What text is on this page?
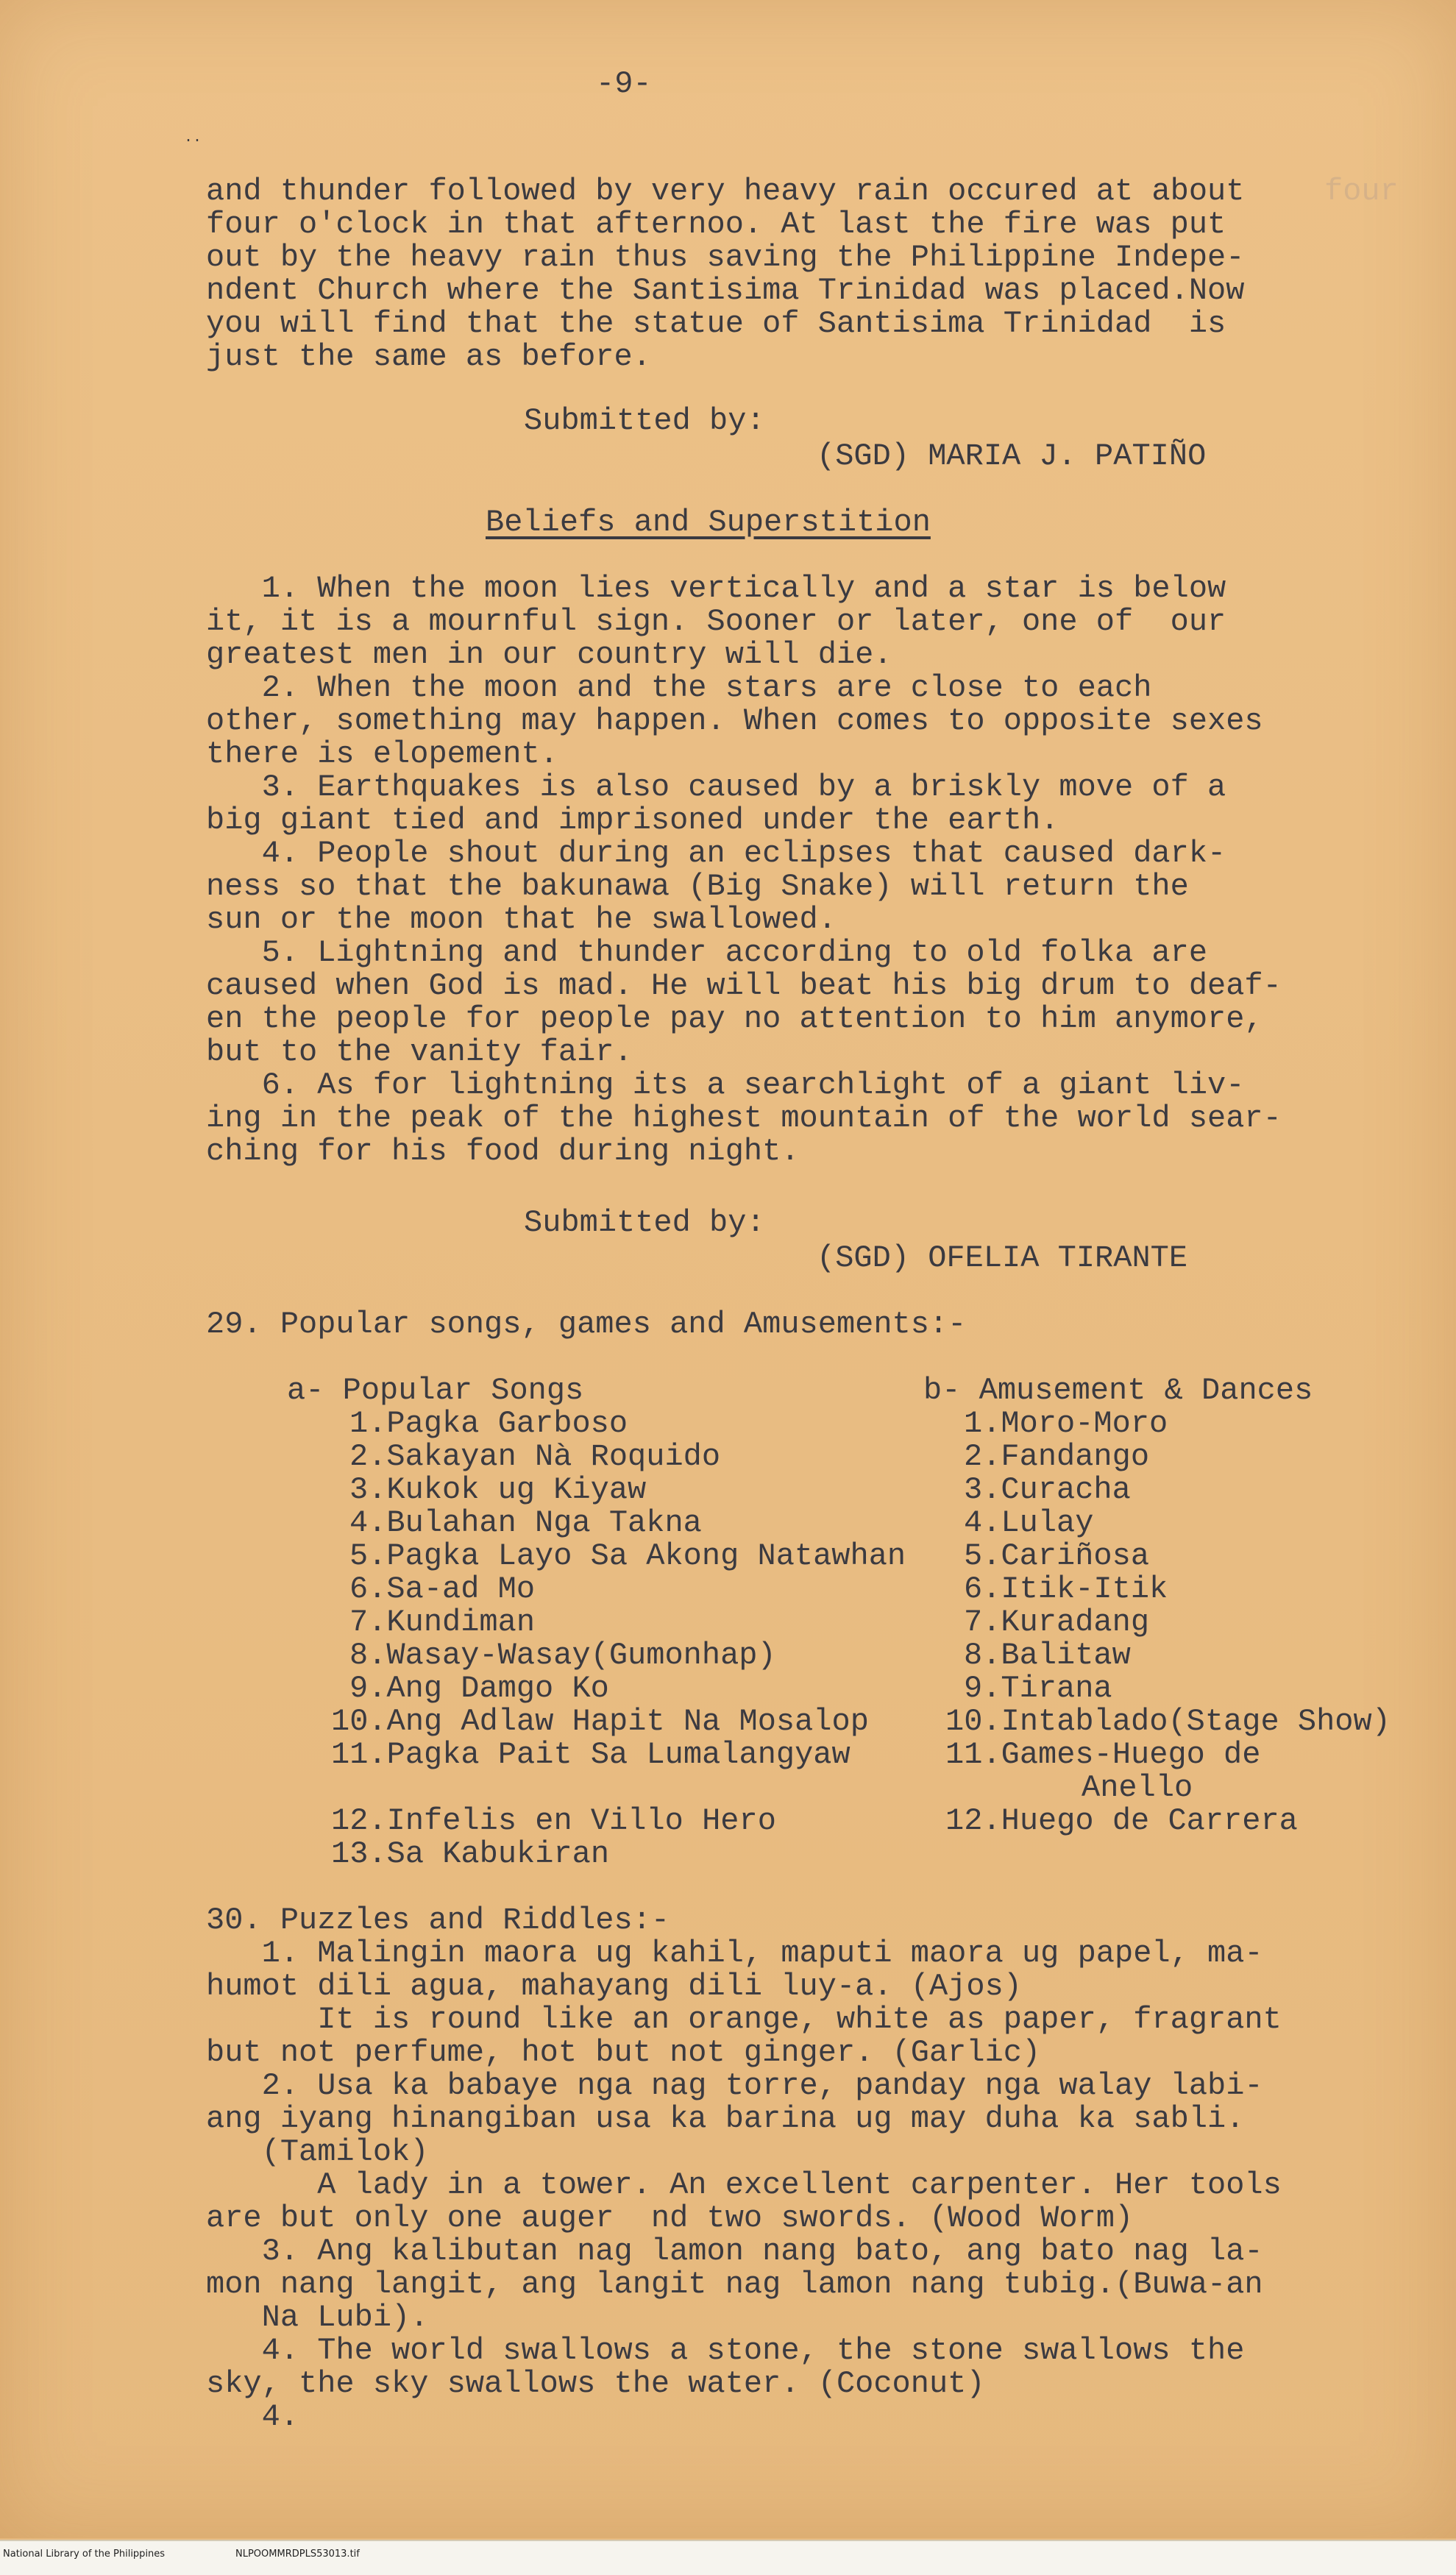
-9-
..
and thunder followed by very heavy rain occured at about	four
four o'clock in that afternoo. At last the fire was put
out by the heavy rain thus saving the Philippine Indepe-
ndent Church where the Santisima Trinidad was placed.Now
you will find that the statue of Santisima Trinidad  is
just the same as before.
Submitted by:
(SGD) MARIA J. PATIÑO
Beliefs and Superstition
1. When the moon lies vertically and a star is below
it, it is a mournful sign. Sooner or later, one of  our
greatest men in our country will die.
2. When the moon and the stars are close to each
other, something may happen. When comes to opposite sexes
there is elopement.
3. Earthquakes is also caused by a briskly move of a
big giant tied and imprisoned under the earth.
4. People shout during an eclipses that caused dark-
ness so that the bakunawa (Big Snake) will return the
sun or the moon that he swallowed.
5. Lightning and thunder according to old folka are
caused when God is mad. He will beat his big drum to deaf-
en the people for people pay no attention to him anymore,
but to the vanity fair.
6. As for lightning its a searchlight of a giant liv-
ing in the peak of the highest mountain of the world sear-
ching for his food during night.
Submitted by:
(SGD) OFELIA TIRANTE
29. Popular songs, games and Amusements:-
a- Popular Songs
1.Pagka Garboso
2.Sakayan Nà Roquido
3.Kukok ug Kiyaw
4.Bulahan Nga Takna
5.Pagka Layo Sa Akong Natawhan
6.Sa-ad Mo
7.Kundiman
8.Wasay-Wasay(Gumonhap)
9.Ang Damgo Ko
10.Ang Adlaw Hapit Na Mosalop
11.Pagka Pait Sa Lumalangyaw
12.Infelis en Villo Hero
13.Sa Kabukiran
b- Amusement & Dances
1.Moro-Moro
2.Fandango
3.Curacha
4.Lulay
5.Cariñosa
6.Itik-Itik
7.Kuradang
8.Balitaw
9.Tirana
10.Intablado(Stage Show)
11.Games-Huego de
Anello
12.Huego de Carrera
30. Puzzles and Riddles:-
1. Malingin maora ug kahil, maputi maora ug papel, ma-
humot dili agua, mahayang dili luy-a. (Ajos)
It is round like an orange, white as paper, fragrant
but not perfume, hot but not ginger. (Garlic)
2. Usa ka babaye nga nag torre, panday nga walay labi-
ang iyang hinangiban usa ka barina ug may duha ka sabli.
(Tamilok)
A lady in a tower. An excellent carpenter. Her tools
are but only one auger  nd two swords. (Wood Worm)
3. Ang kalibutan nag lamon nang bato, ang bato nag la-
mon nang langit, ang langit nag lamon nang tubig.(Buwa-an
Na Lubi).
4. The world swallows a stone, the stone swallows the
sky, the sky swallows the water. (Coconut)
4.
National Library of the Philippines	NLPOOMMRDPLS53013.tif
